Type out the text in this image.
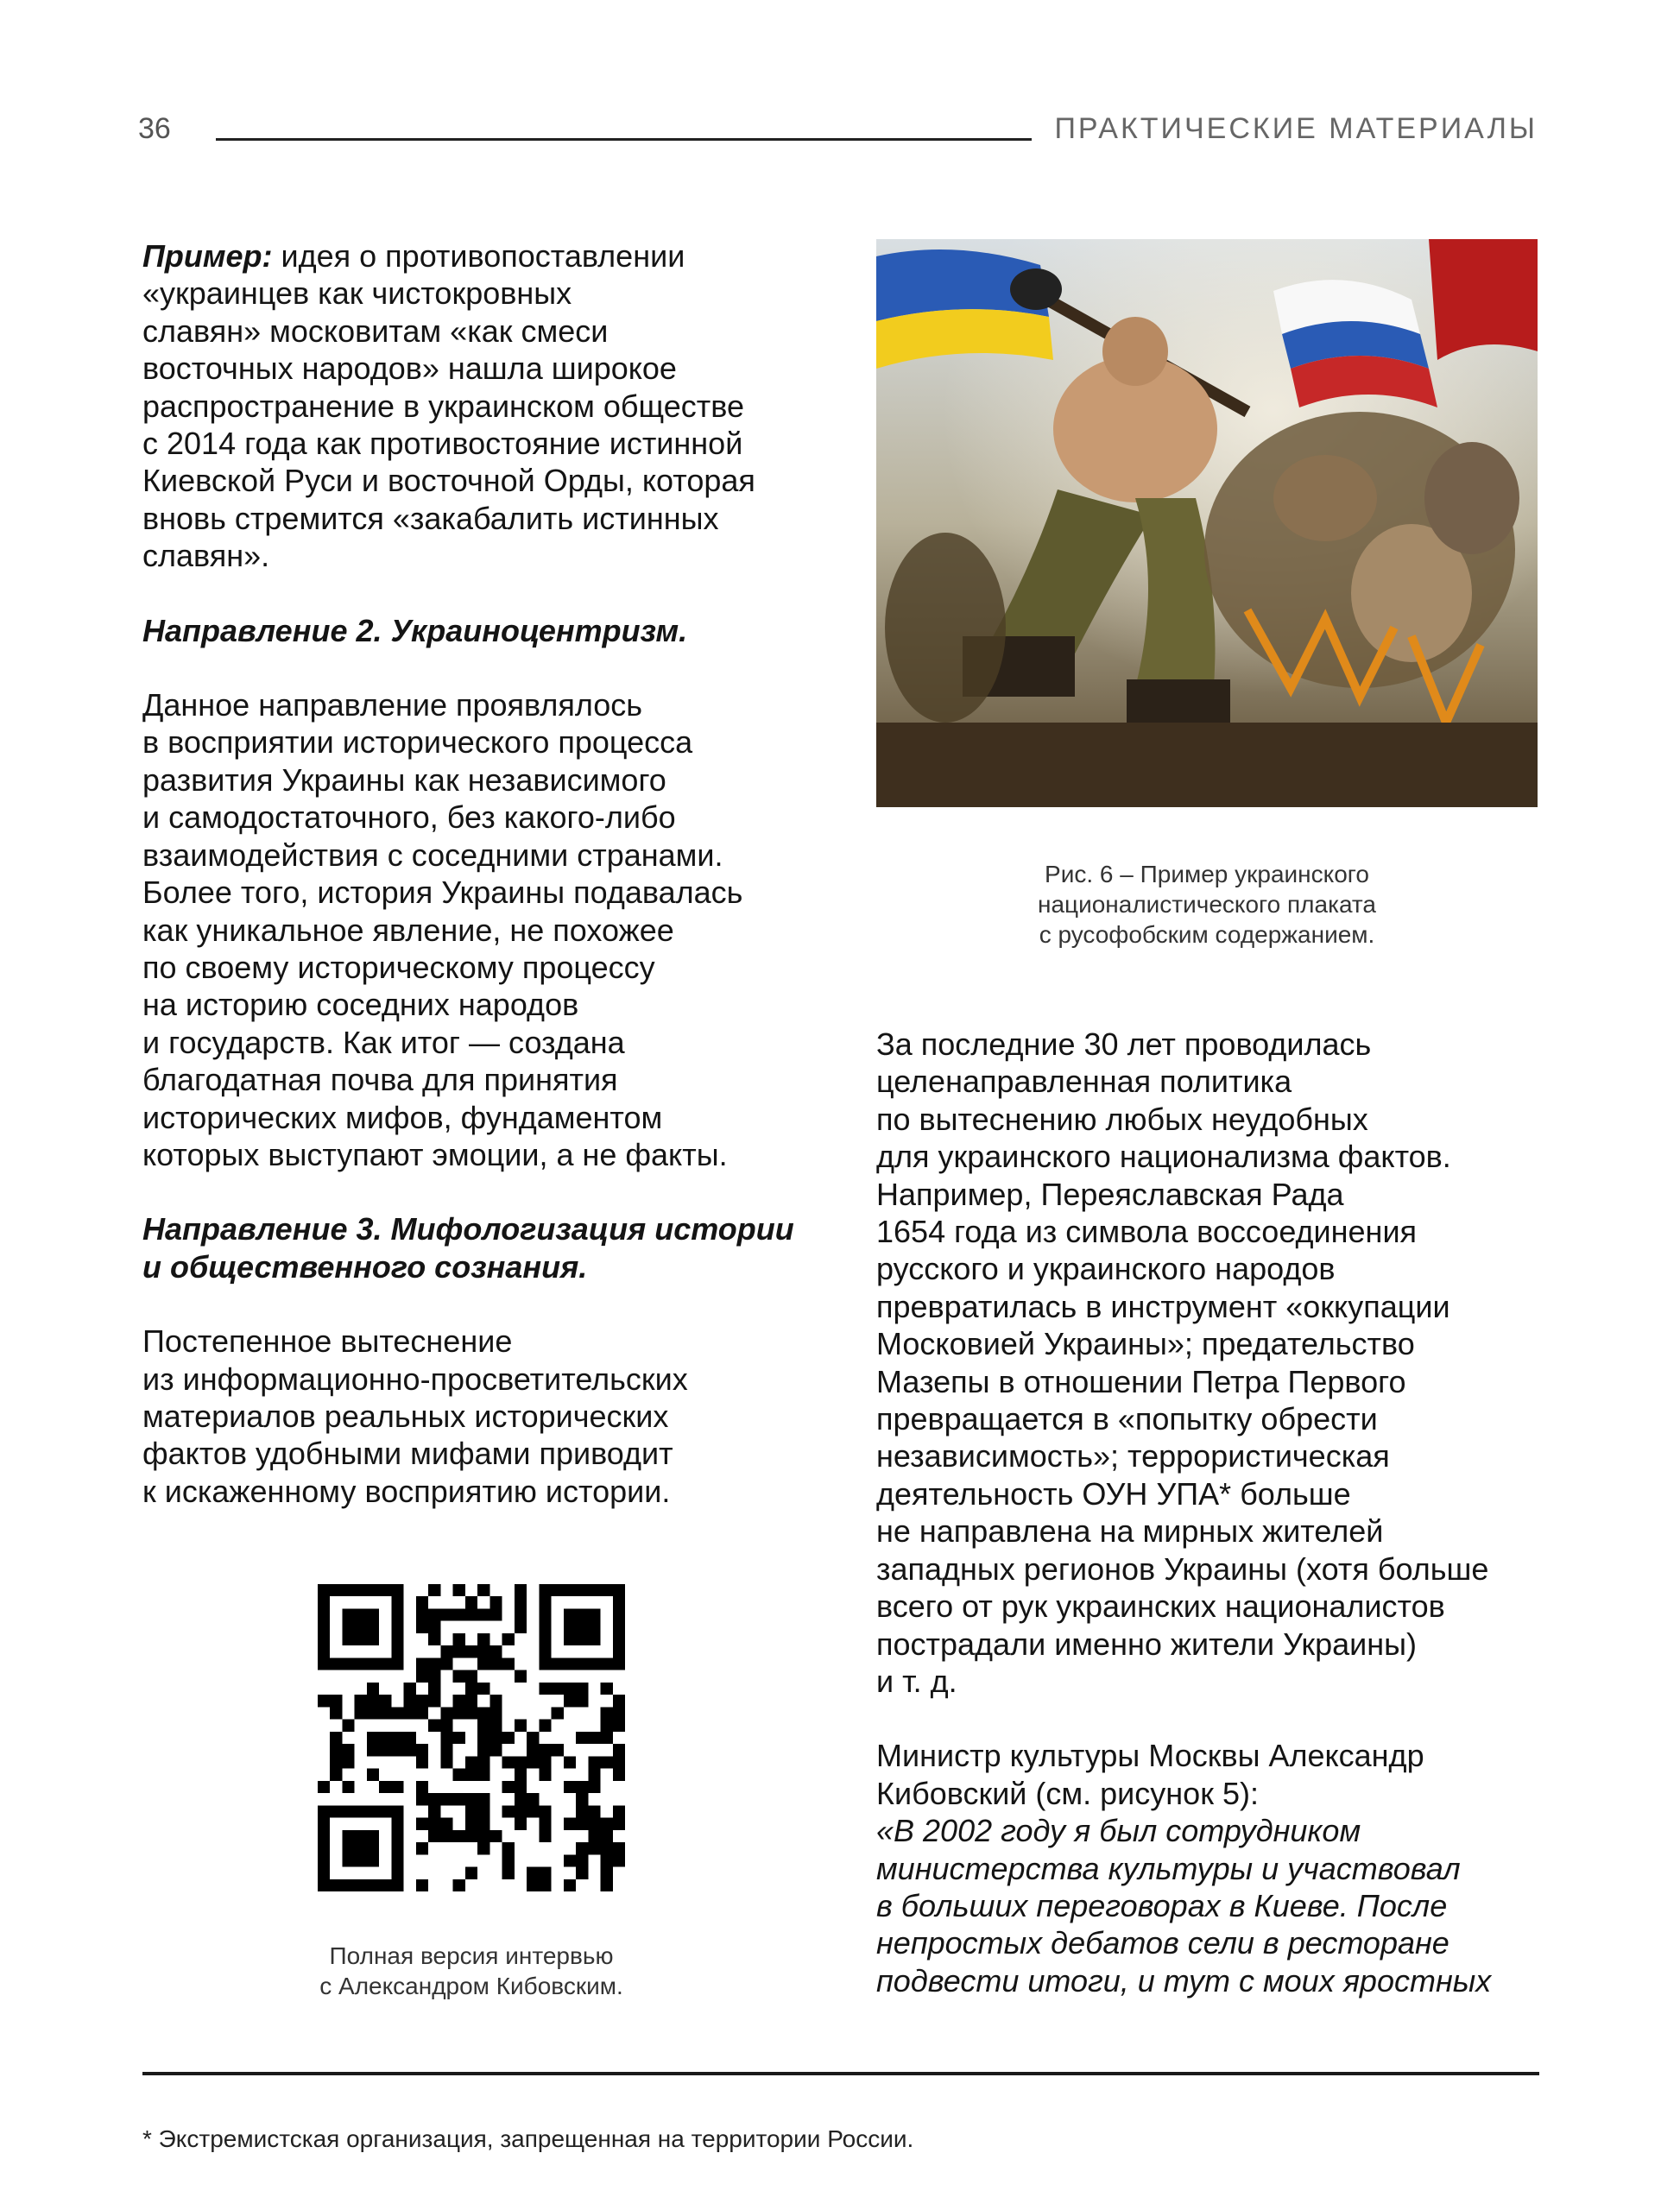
36	ПРАКТИЧЕСКИЕ МАТЕРИАЛЫ

Пример: идея о противопоставлении
«украинцев как чистокровных
славян» московитам «как смеси
восточных народов» нашла широкое
распространение в украинском обществе
с 2014 года как противостояние истинной
Киевской Руси и восточной Орды, которая
вновь стремится «закабалить истинных
славян».

Направление 2. Украиноцентризм.

Данное направление проявлялось
в восприятии исторического процесса
развития Украины как независимого
и самодостаточного, без какого-либо
взаимодействия с соседними странами.
Более того, история Украины подавалась
как уникальное явление, не похожее
по своему историческому процессу
на историю соседних народов
и государств. Как итог — создана
благодатная почва для принятия
исторических мифов, фундаментом
которых выступают эмоции, а не факты.

Направление 3. Мифологизация истории
и общественного сознания.

Постепенное вытеснение
из информационно-просветительских
материалов реальных исторических
фактов удобными мифами приводит
к искаженному восприятию истории.

Рис. 6 – Пример украинского
националистического плаката
с русофобским содержанием.

За последние 30 лет проводилась
целенаправленная политика
по вытеснению любых неудобных
для украинского национализма фактов.
Например, Переяславская Рада
1654 года из символа воссоединения
русского и украинского народов
превратилась в инструмент «оккупации
Московией Украины»; предательство
Мазепы в отношении Петра Первого
превращается в «попытку обрести
независимость»; террористическая
деятельность ОУН УПА* больше
не направлена на мирных жителей
западных регионов Украины (хотя больше
всего от рук украинских националистов
пострадали именно жители Украины)
и т. д.

Министр культуры Москвы Александр
Кибовский (см. рисунок 5):

«В 2002 году я был сотрудником
министерства культуры и участвовал
в больших переговорах в Киеве. После
непростых дебатов сели в ресторане
подвести итоги, и тут с моих яростных

Полная версия интервью
с Александром Кибовским.
* Экстремистская организация, запрещенная на территории России.
